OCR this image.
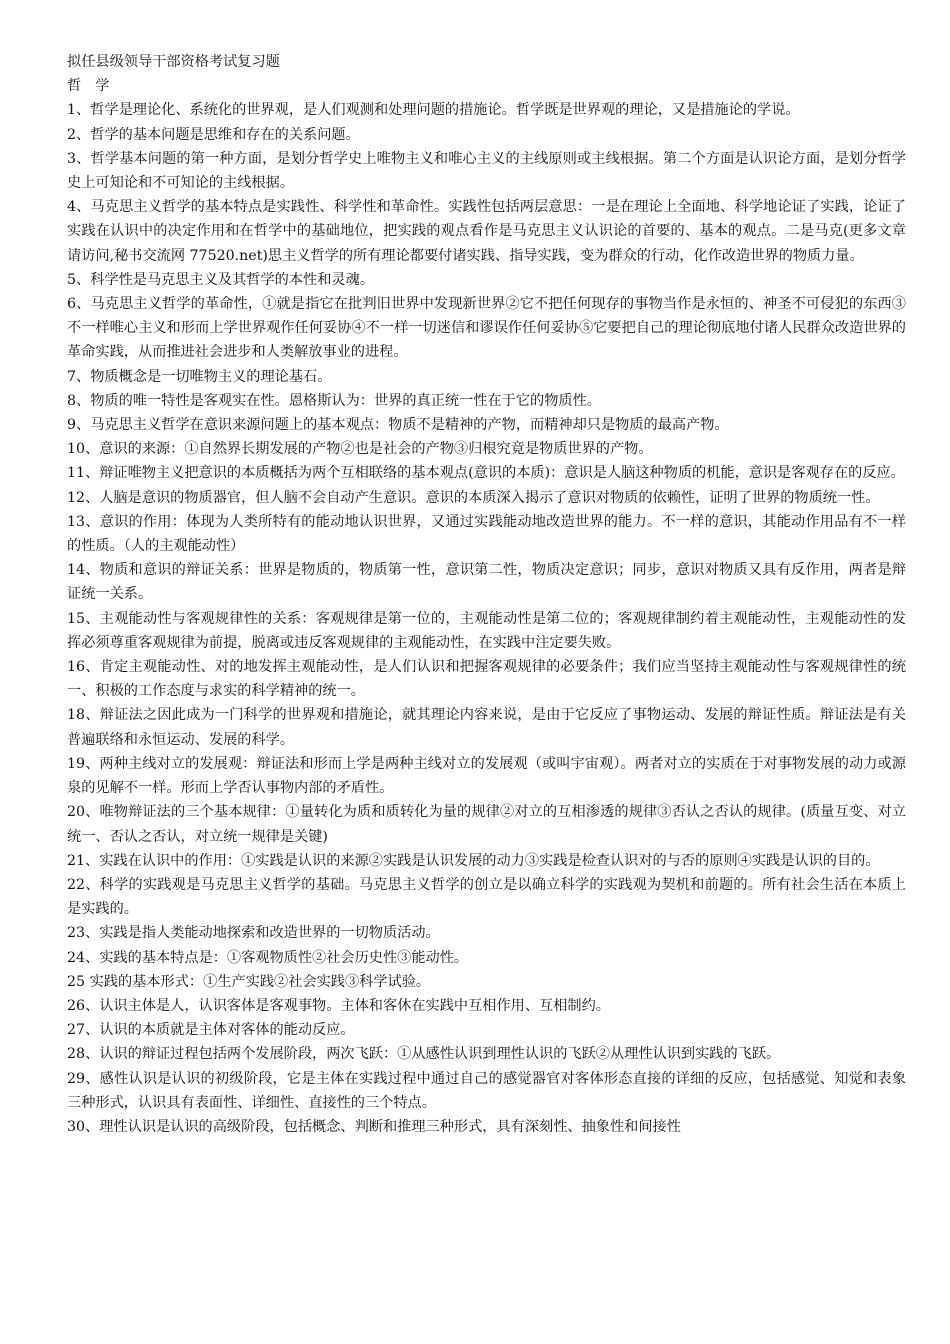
拟任县级领导干部资格考试复习题

哲学

1、哲学是理论化、系统化的世界观，是人们观测和处理问题的措施论。哲学既是世界观的理论，又是措施论的学说。

2、哲学的基本问题是思维和存在的关系问题。

3、哲学基本问题的第一种方面，是划分哲学史上唯物主义和唯心主义的主线原则或主线根据。第二个方面是认识论方面，是划分哲学史上可知论和不可知论的主线根据。

4、马克思主义哲学的基本特点是实践性、科学性和革命性。实践性包括两层意思：一是在理论上全面地、科学地论证了实践，论证了实践在认识中的决定作用和在哲学中的基础地位，把实践的观点看作是马克思主义认识论的首要的、基本的观点。二是马克(更多文章请访问,秘书交流网 77520.net)思主义哲学的所有理论都要付诸实践、指导实践，变为群众的行动，化作改造世界的物质力量。

5、科学性是马克思主义及其哲学的本性和灵魂。

6、马克思主义哲学的革命性，①就是指它在批判旧世界中发现新世界②它不把任何现存的事物当作是永恒的、神圣不可侵犯的东西③不一样唯心主义和形而上学世界观作任何妥协④不一样一切迷信和谬误作任何妥协⑤它要把自己的理论彻底地付诸人民群众改造世界的革命实践，从而推进社会进步和人类解放事业的进程。

7、物质概念是一切唯物主义的理论基石。

8、物质的唯一特性是客观实在性。恩格斯认为：世界的真正统一性在于它的物质性。

9、马克思主义哲学在意识来源问题上的基本观点：物质不是精神的产物，而精神却只是物质的最高产物。

10、意识的来源：①自然界长期发展的产物②也是社会的产物③归根究竟是物质世界的产物。

11、辩证唯物主义把意识的本质概括为两个互相联络的基本观点(意识的本质)：意识是人脑这种物质的机能，意识是客观存在的反应。

12、人脑是意识的物质器官，但人脑不会自动产生意识。意识的本质深入揭示了意识对物质的依赖性，证明了世界的物质统一性。

13、意识的作用：体现为人类所特有的能动地认识世界，又通过实践能动地改造世界的能力。不一样的意识，其能动作用品有不一样的性质。（人的主观能动性）

14、物质和意识的辩证关系：世界是物质的，物质第一性，意识第二性，物质决定意识；同步，意识对物质又具有反作用，两者是辩证统一关系。

15、主观能动性与客观规律性的关系：客观规律是第一位的，主观能动性是第二位的；客观规律制约着主观能动性，主观能动性的发挥必须尊重客观规律为前提，脱离或违反客观规律的主观能动性，在实践中注定要失败。

16、肯定主观能动性、对的地发挥主观能动性，是人们认识和把握客观规律的必要条件；我们应当坚持主观能动性与客观规律性的统一、积极的工作态度与求实的科学精神的统一。

18、辩证法之因此成为一门科学的世界观和措施论，就其理论内容来说，是由于它反应了事物运动、发展的辩证性质。辩证法是有关普遍联络和永恒运动、发展的科学。

19、两种主线对立的发展观：辩证法和形而上学是两种主线对立的发展观（或叫宇宙观）。两者对立的实质在于对事物发展的动力或源泉的见解不一样。形而上学否认事物内部的矛盾性。

20、唯物辩证法的三个基本规律：①量转化为质和质转化为量的规律②对立的互相渗透的规律③否认之否认的规律。(质量互变、对立统一、否认之否认，对立统一规律是关键)

21、实践在认识中的作用：①实践是认识的来源②实践是认识发展的动力③实践是检查认识对的与否的原则④实践是认识的目的。

22、科学的实践观是马克思主义哲学的基础。马克思主义哲学的创立是以确立科学的实践观为契机和前题的。所有社会生活在本质上是实践的。

23、实践是指人类能动地探索和改造世界的一切物质活动。

24、实践的基本特点是：①客观物质性②社会历史性③能动性。

25 实践的基本形式：①生产实践②社会实践③科学试验。

26、认识主体是人，认识客体是客观事物。主体和客休在实践中互相作用、互相制约。

27、认识的本质就是主体对客体的能动反应。

28、认识的辩证过程包括两个发展阶段，两次飞跃：①从感性认识到理性认识的飞跃②从理性认识到实践的飞跃。

29、感性认识是认识的初级阶段，它是主体在实践过程中通过自己的感觉器官对客体形态直接的详细的反应，包括感觉、知觉和表象三种形式，认识具有表面性、详细性、直接性的三个特点。

30、理性认识是认识的高级阶段，包括概念、判断和推理三种形式，具有深刻性、抽象性和间接性
